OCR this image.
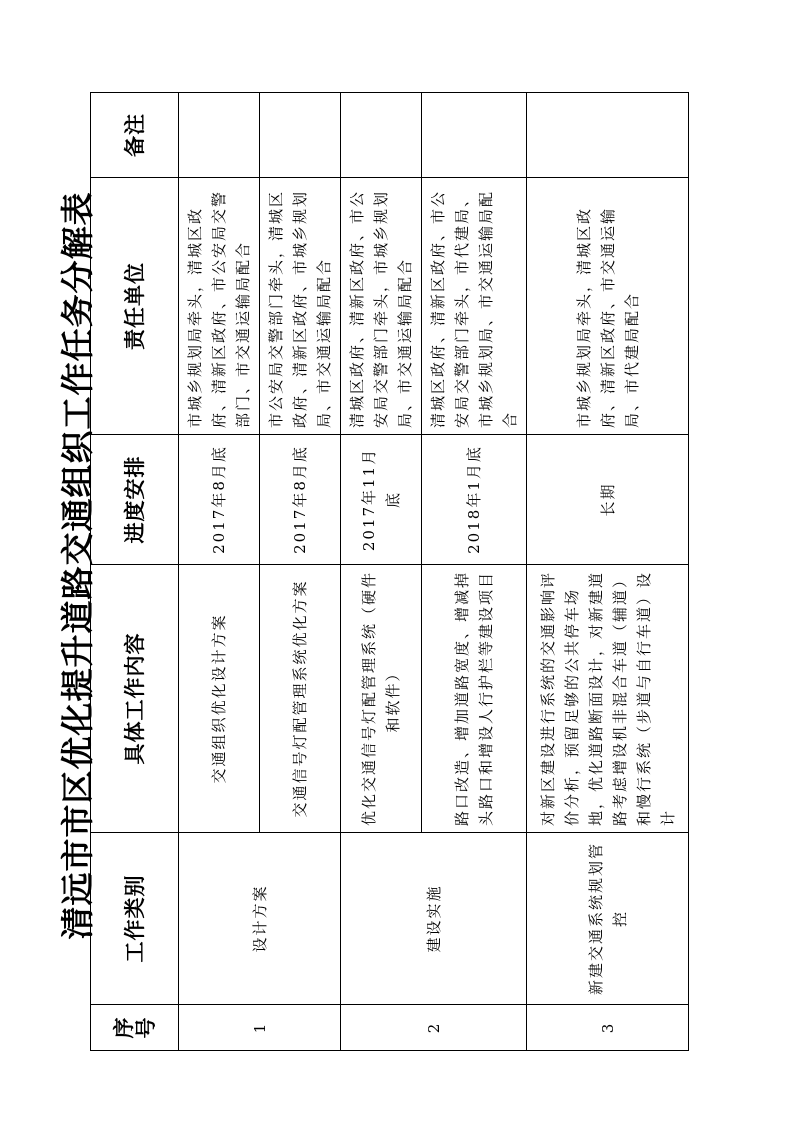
清远市市区优化提升道路交通组织工作任务分解表
序号	工作类别	具体工作内容	进度安排	责任单位	备注
1	设计方案	交通组织优化设计方案	2017年8月底	市城乡规划局牵头，清城区政府、清新区政府、市公安局交警部门、市交通运输局配合	
		交通信号灯配管理系统优化方案	2017年8月底	市公安局交警部门牵头，清城区政府、清新区政府、市城乡规划局、市交通运输局配合	
2	建设实施	优化交通信号灯配管理系统（硬件和软件）	2017年11月底	清城区政府、清新区政府、市公安局交警部门牵头，市城乡规划局、市交通运输局配合	
		路口改造、增加道路宽度、增减掉头路口和增设人行护栏等建设项目	2018年1月底	清城区政府、清新区政府、市公安局交警部门牵头，市代建局、市城乡规划局、市交通运输局配合	
3	新建交通系统规划管控	对新区建设进行系统的交通影响评价分析，预留足够的公共停车场地，优化道路断面设计，对新建道路考虑增设机非混合车道（辅道）和慢行系统（步道与自行车道）设计	长期	市城乡规划局牵头，清城区政府、清新区政府、市交通运输局、市代建局配合	
